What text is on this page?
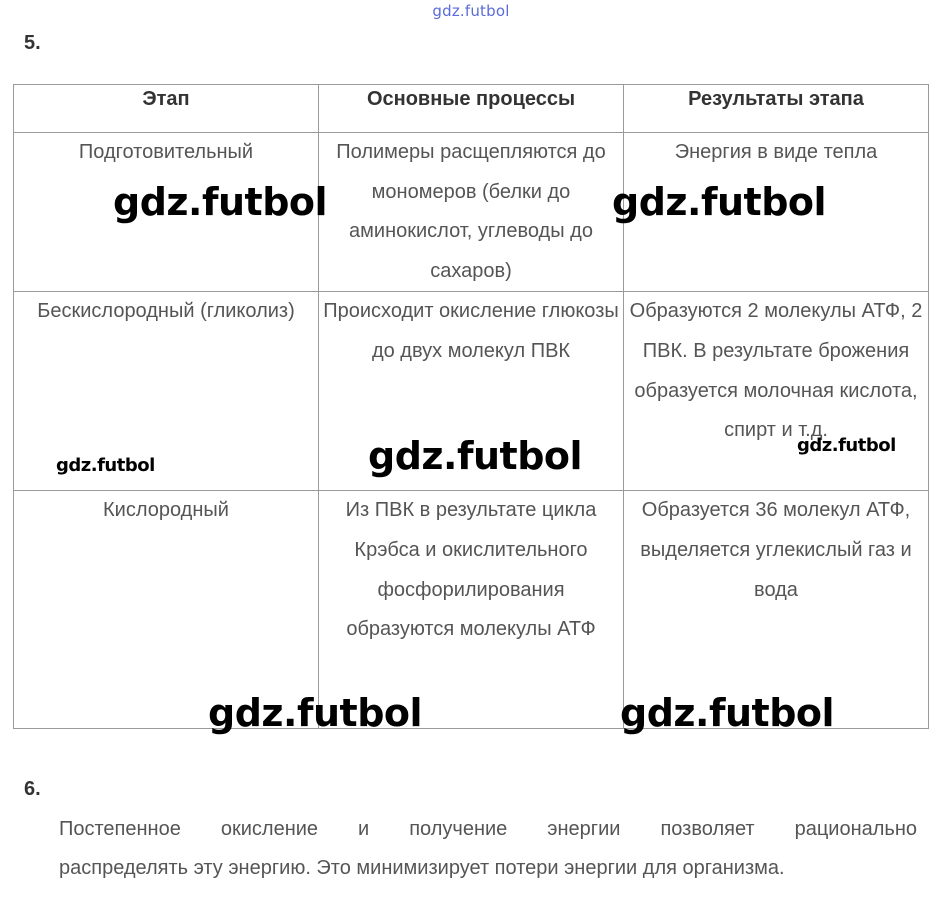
gdz.futbol
5.
Этап	Основные процессы	Результаты этапа
Подготовительный	Полимеры расщепляются до мономеров (белки до аминокислот, углеводы до сахаров)	Энергия в виде тепла
Бескислородный (гликолиз)	Происходит окисление глюкозы до двух молекул ПВК	Образуются 2 молекулы АТФ, 2 ПВК. В результате брожения образуется молочная кислота, спирт и т.д.
Кислородный	Из ПВК в результате цикла Крэбса и окислительного фосфорилирования образуются молекулы АТФ	Образуется 36 молекул АТФ, выделяется углекислый газ и вода
6.
Постепенное окисление и получение энергии позволяет рационально
распределять эту энергию. Это минимизирует потери энергии для организма.
gdz.futbol	gdz.futbol
gdz.futbol
gdz.futbol
gdz.futbol
gdz.futbol	gdz.futbol
